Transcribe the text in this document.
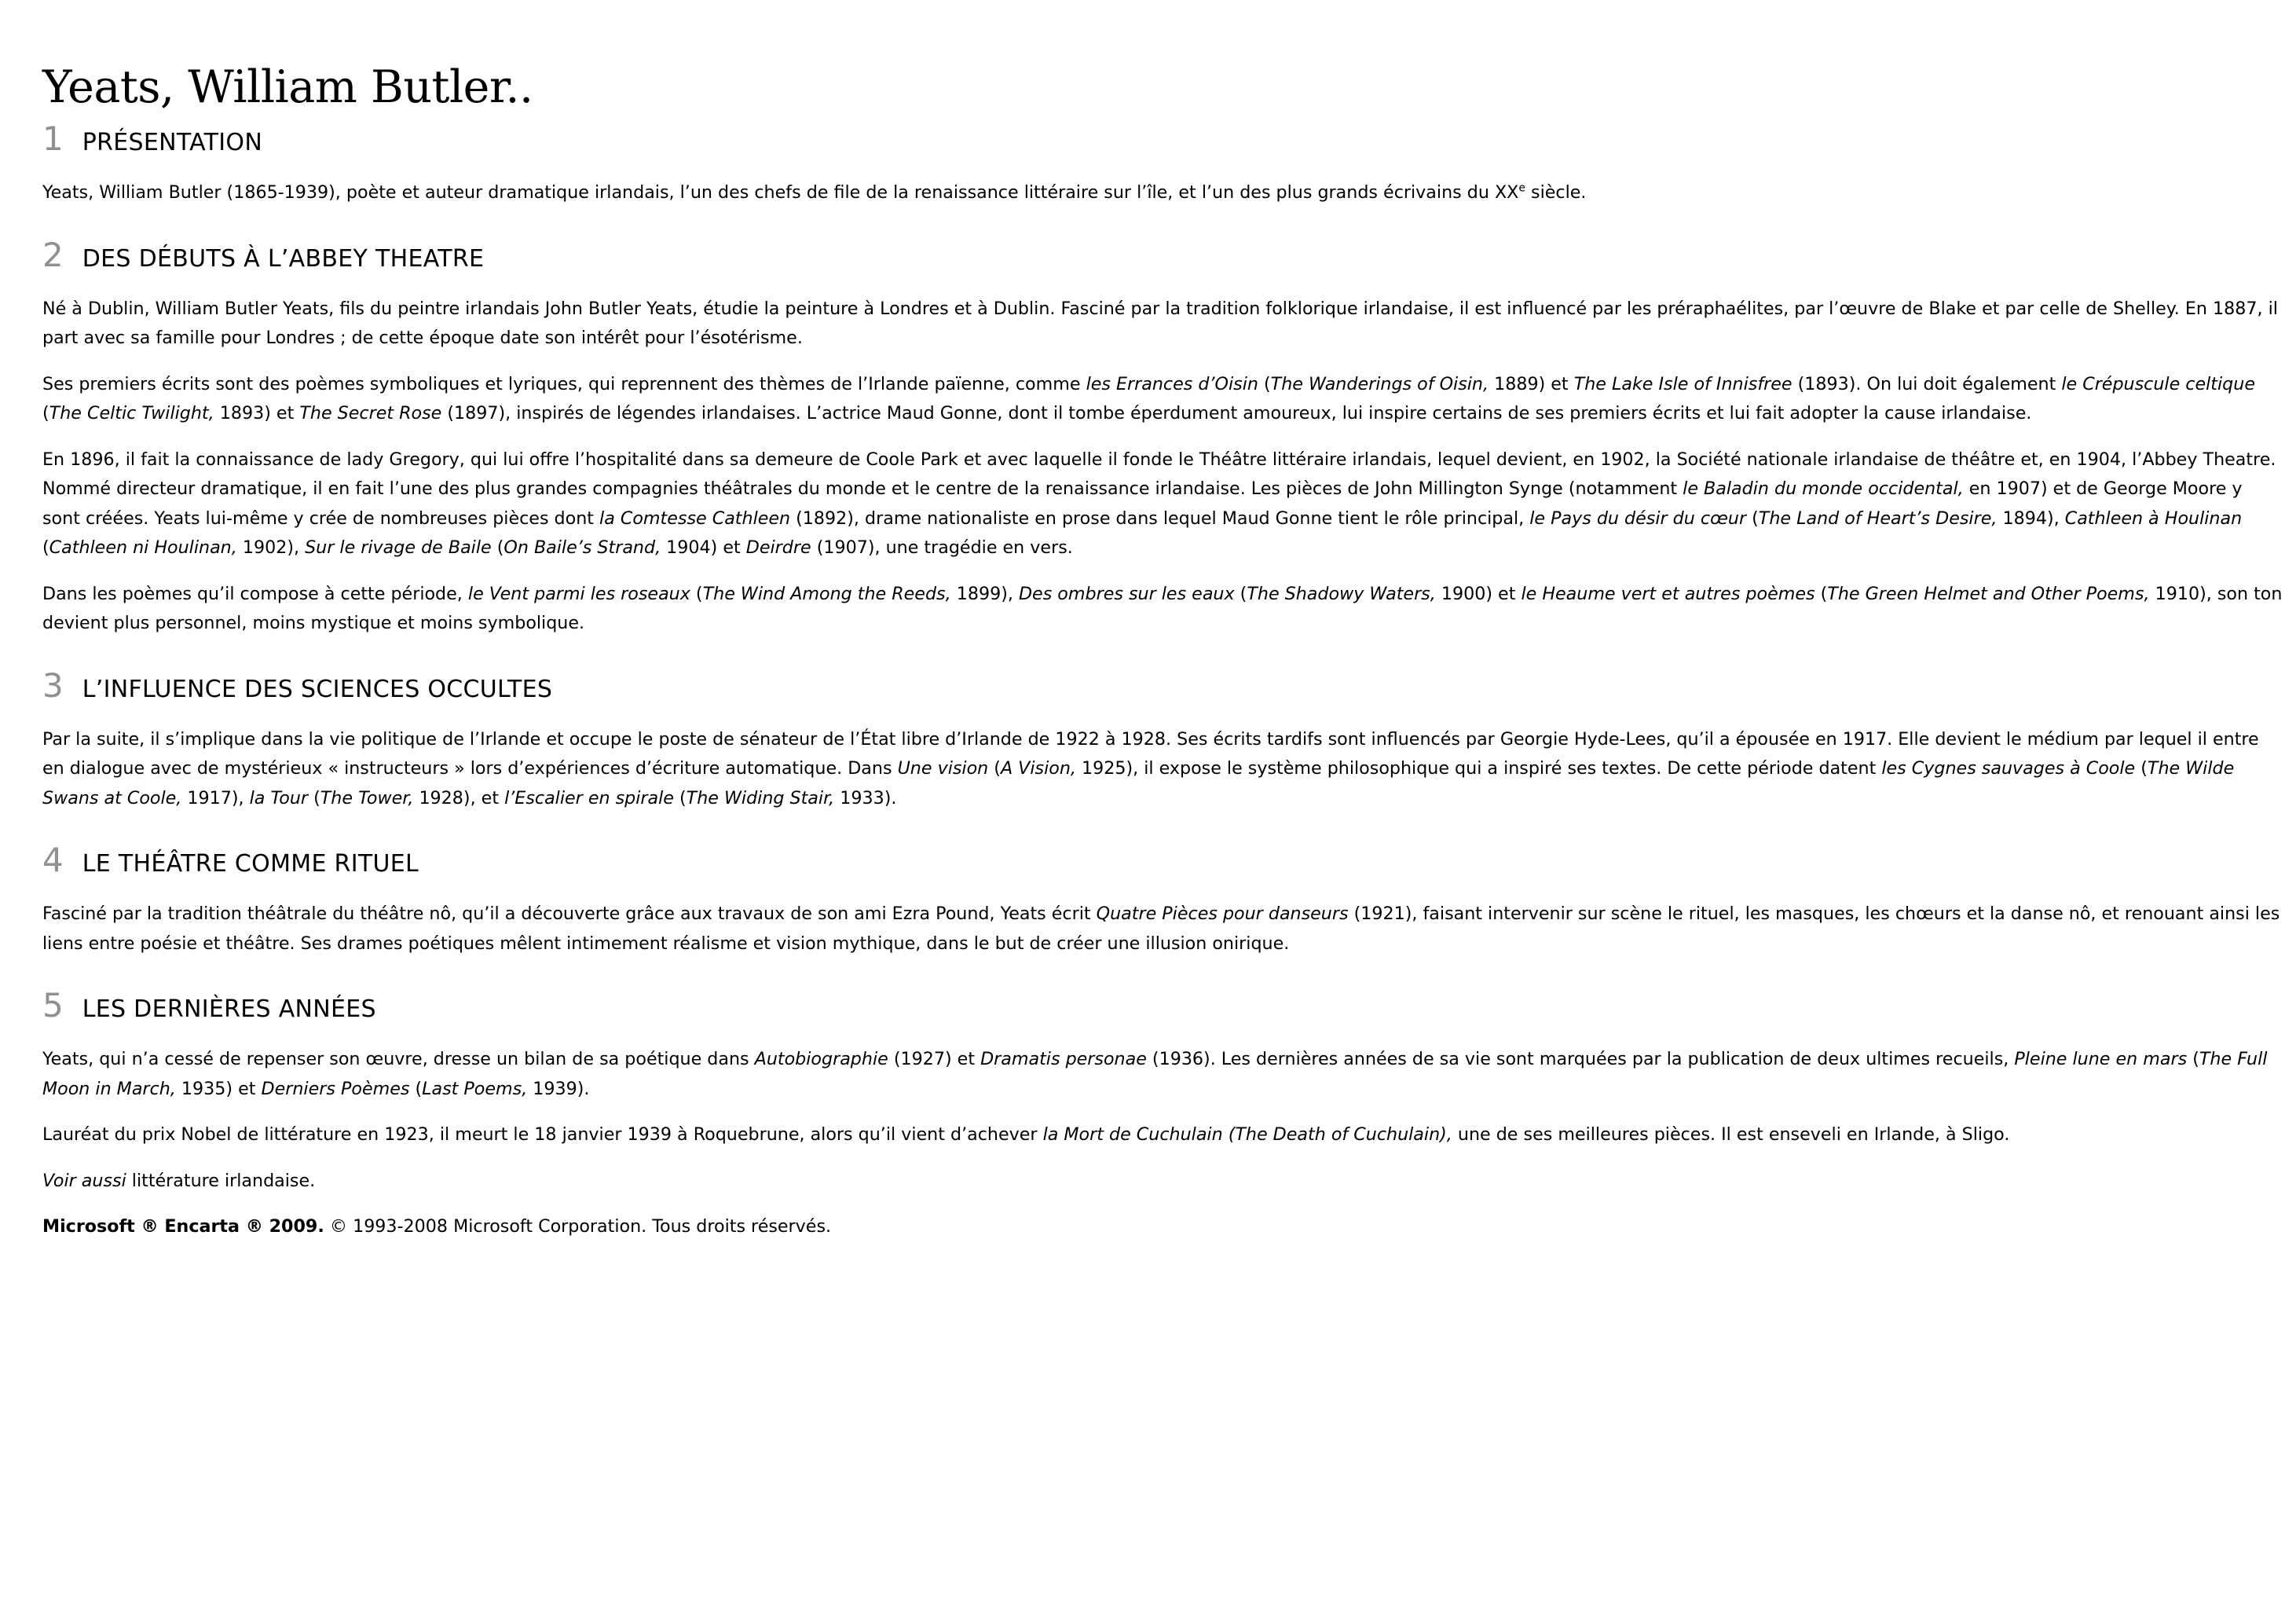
Yeats, William Butler..
1 PRÉSENTATION

Yeats, William Butler (1865-1939), poète et auteur dramatique irlandais, l’un des chefs de file de la renaissance littéraire sur l’île, et l’un des plus grands écrivains du XXe siècle.

2 DES DÉBUTS À L’ABBEY THEATRE

Né à Dublin, William Butler Yeats, fils du peintre irlandais John Butler Yeats, étudie la peinture à Londres et à Dublin. Fasciné par la tradition folklorique irlandaise, il est influencé par les préraphaélites, par l’œuvre de Blake et par celle de Shelley. En 1887, il part avec sa famille pour Londres ; de cette époque date son intérêt pour l’ésotérisme.

Ses premiers écrits sont des poèmes symboliques et lyriques, qui reprennent des thèmes de l’Irlande païenne, comme les Errances d’Oisin (The Wanderings of Oisin, 1889) et The Lake Isle of Innisfree (1893). On lui doit également le Crépuscule celtique (The Celtic Twilight, 1893) et The Secret Rose (1897), inspirés de légendes irlandaises. L’actrice Maud Gonne, dont il tombe éperdument amoureux, lui inspire certains de ses premiers écrits et lui fait adopter la cause irlandaise.

En 1896, il fait la connaissance de lady Gregory, qui lui offre l’hospitalité dans sa demeure de Coole Park et avec laquelle il fonde le Théâtre littéraire irlandais, lequel devient, en 1902, la Société nationale irlandaise de théâtre et, en 1904, l’Abbey Theatre. Nommé directeur dramatique, il en fait l’une des plus grandes compagnies théâtrales du monde et le centre de la renaissance irlandaise. Les pièces de John Millington Synge (notamment le Baladin du monde occidental, en 1907) et de George Moore y sont créées. Yeats lui-même y crée de nombreuses pièces dont la Comtesse Cathleen (1892), drame nationaliste en prose dans lequel Maud Gonne tient le rôle principal, le Pays du désir du cœur (The Land of Heart’s Desire, 1894), Cathleen à Houlinan (Cathleen ni Houlinan, 1902), Sur le rivage de Baile (On Baile’s Strand, 1904) et Deirdre (1907), une tragédie en vers.

Dans les poèmes qu’il compose à cette période, le Vent parmi les roseaux (The Wind Among the Reeds, 1899), Des ombres sur les eaux (The Shadowy Waters, 1900) et le Heaume vert et autres poèmes (The Green Helmet and Other Poems, 1910), son ton devient plus personnel, moins mystique et moins symbolique.

3 L’INFLUENCE DES SCIENCES OCCULTES

Par la suite, il s’implique dans la vie politique de l’Irlande et occupe le poste de sénateur de l’État libre d’Irlande de 1922 à 1928. Ses écrits tardifs sont influencés par Georgie Hyde-Lees, qu’il a épousée en 1917. Elle devient le médium par lequel il entre en dialogue avec de mystérieux « instructeurs » lors d’expériences d’écriture automatique. Dans Une vision (A Vision, 1925), il expose le système philosophique qui a inspiré ses textes. De cette période datent les Cygnes sauvages à Coole (The Wilde Swans at Coole, 1917), la Tour (The Tower, 1928), et l’Escalier en spirale (The Widing Stair, 1933).

4 LE THÉÂTRE COMME RITUEL

Fasciné par la tradition théâtrale du théâtre nô, qu’il a découverte grâce aux travaux de son ami Ezra Pound, Yeats écrit Quatre Pièces pour danseurs (1921), faisant intervenir sur scène le rituel, les masques, les chœurs et la danse nô, et renouant ainsi les liens entre poésie et théâtre. Ses drames poétiques mêlent intimement réalisme et vision mythique, dans le but de créer une illusion onirique.

5 LES DERNIÈRES ANNÉES

Yeats, qui n’a cessé de repenser son œuvre, dresse un bilan de sa poétique dans Autobiographie (1927) et Dramatis personae (1936). Les dernières années de sa vie sont marquées par la publication de deux ultimes recueils, Pleine lune en mars (The Full Moon in March, 1935) et Derniers Poèmes (Last Poems, 1939).

Lauréat du prix Nobel de littérature en 1923, il meurt le 18 janvier 1939 à Roquebrune, alors qu’il vient d’achever la Mort de Cuchulain (The Death of Cuchulain), une de ses meilleures pièces. Il est enseveli en Irlande, à Sligo.

Voir aussi littérature irlandaise.

Microsoft ® Encarta ® 2009. © 1993-2008 Microsoft Corporation. Tous droits réservés.
